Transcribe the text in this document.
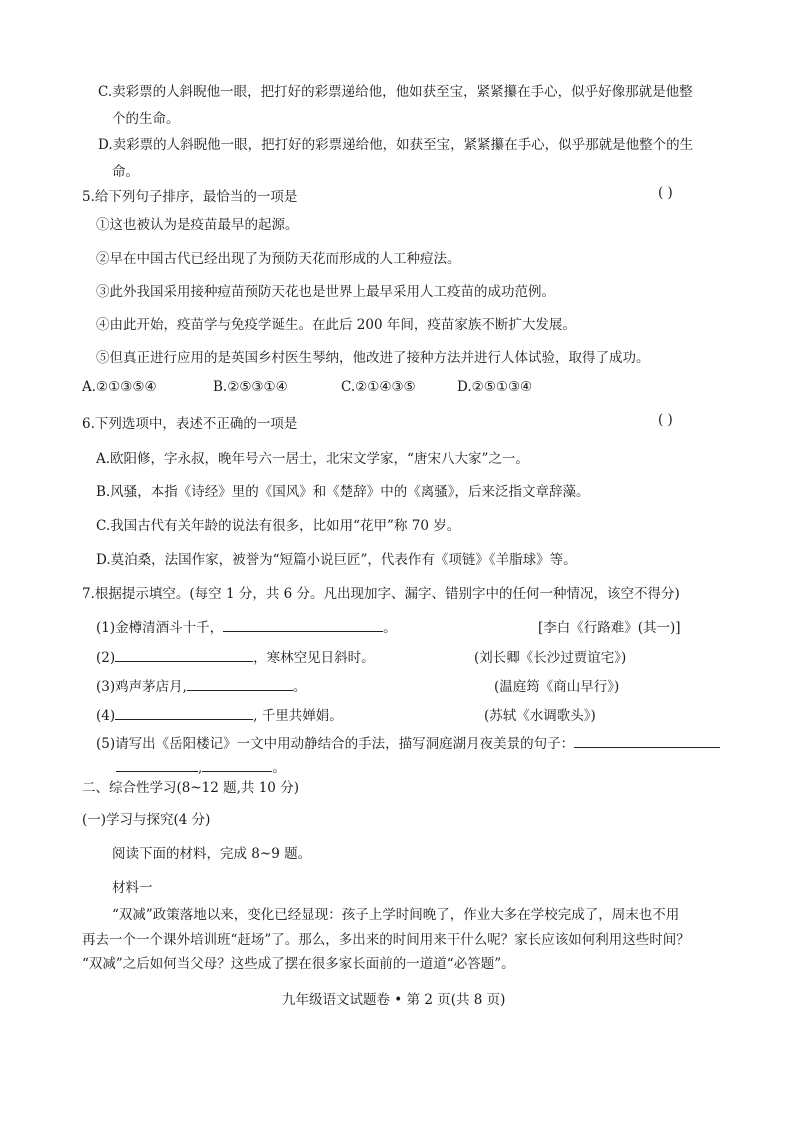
C.卖彩票的人斜睨他一眼，把打好的彩票递给他，他如获至宝，紧紧攥在手心，似乎好像那就是他整
个的生命。
D.卖彩票的人斜睨他一眼，把打好的彩票递给他，如获至宝，紧紧攥在手心，似乎那就是他整个的生
命。
5.给下列句子排序，最恰当的一项是	( )
①这也被认为是疫苗最早的起源。
②早在中国古代已经出现了为预防天花而形成的人工种痘法。
③此外我国采用接种痘苗预防天花也是世界上最早采用人工疫苗的成功范例。
④由此开始，疫苗学与免疫学诞生。在此后 200 年间，疫苗家族不断扩大发展。
⑤但真正进行应用的是英国乡村医生琴纳，他改进了接种方法并进行人体试验，取得了成功。
A.②①③⑤④	B.②⑤③①④	C.②①④③⑤	D.②⑤①③④
6.下列选项中，表述不正确的一项是	( )
A.欧阳修，字永叔，晚年号六一居士，北宋文学家，“唐宋八大家”之一。
B.风骚，本指《诗经》里的《国风》和《楚辞》中的《离骚》，后来泛指文章辞藻。
C.我国古代有关年龄的说法有很多，比如用“花甲”称 70 岁。
D.莫泊桑，法国作家，被誉为“短篇小说巨匠”，代表作有《项链》《羊脂球》等。
7.根据提示填空。(每空 1 分，共 6 分。凡出现加字、漏字、错别字中的任何一种情况，该空不得分)
(1)金樽清酒斗十千，	。	[李白《行路难》(其一)]
(2)	，寒林空见日斜时。	(刘长卿《长沙过贾谊宅》)
(3)鸡声茅店月,	。	(温庭筠《商山早行》)
(4)	, 千里共婵娟。	(苏轼《水调歌头》)
(5)请写出《岳阳楼记》一文中用动静结合的手法，描写洞庭湖月夜美景的句子：
,	。
二、综合性学习(8~12 题,共 10 分)
(一)学习与探究(4 分)
阅读下面的材料，完成 8~9 题。
材料一
“双减”政策落地以来，变化已经显现：孩子上学时间晚了，作业大多在学校完成了，周末也不用
再去一个一个课外培训班“赶场”了。那么，多出来的时间用来干什么呢？家长应该如何利用这些时间？
“双减”之后如何当父母？这些成了摆在很多家长面前的一道道“必答题”。
九年级语文试题卷 • 第 2 页(共 8 页)
